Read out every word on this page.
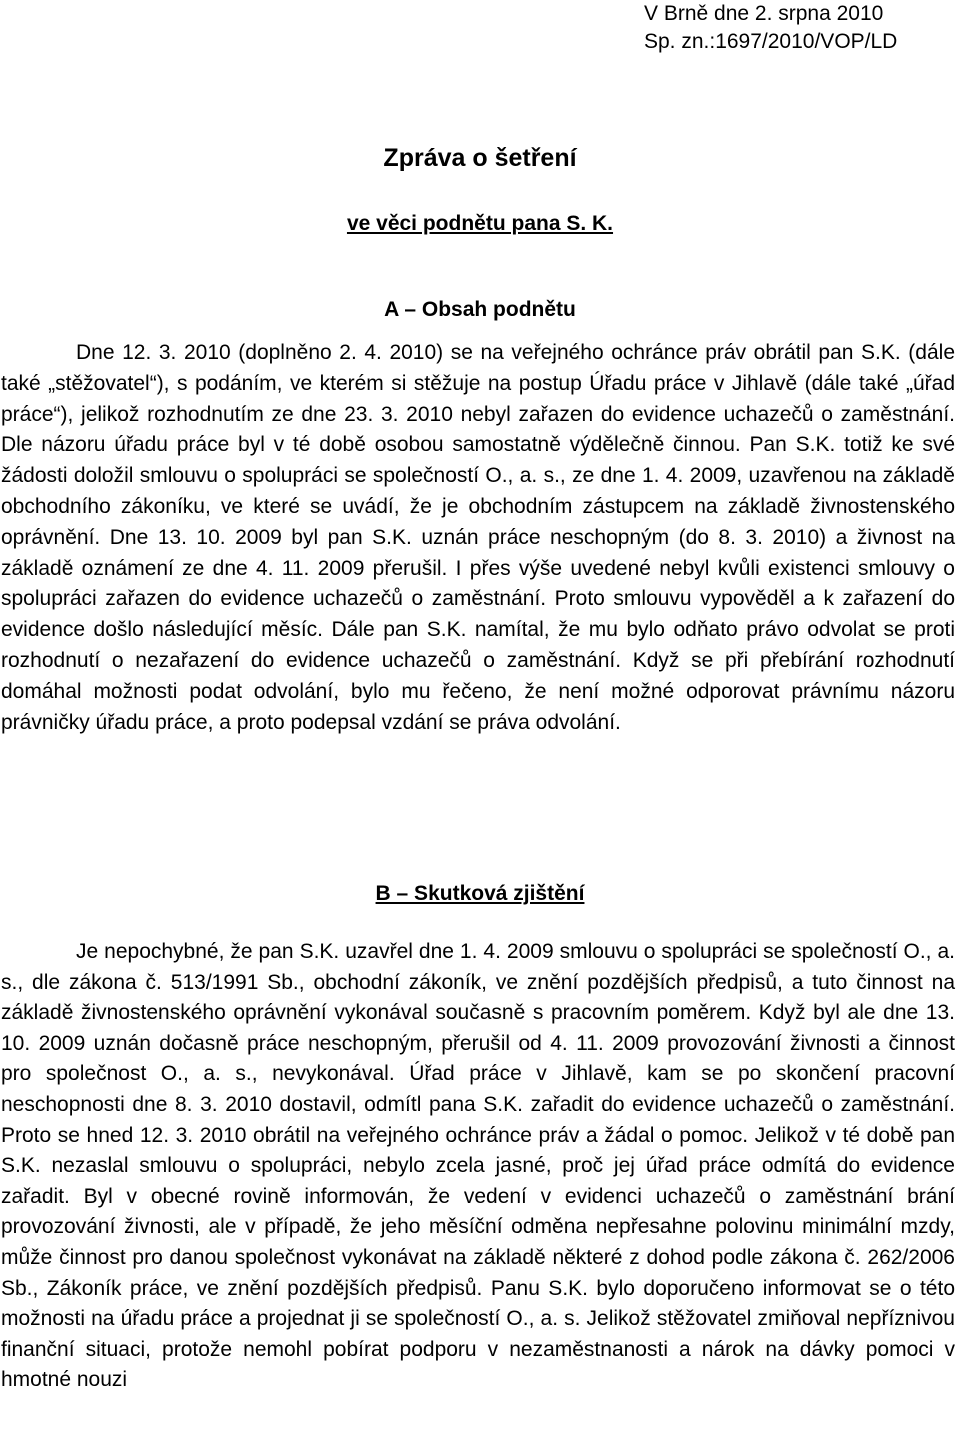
V Brně dne 2. srpna 2010
Sp. zn.:1697/2010/VOP/LD
Zpráva o šetření
ve věci podnětu pana S. K.
A – Obsah podnětu

Dne 12. 3. 2010 (doplněno 2. 4. 2010) se na veřejného ochránce práv obrátil pan S.K. (dále také „stěžovatel“), s podáním, ve kterém si stěžuje na postup Úřadu práce v Jihlavě (dále také „úřad práce“), jelikož rozhodnutím ze dne 23. 3. 2010 nebyl zařazen do evidence uchazečů o zaměstnání. Dle názoru úřadu práce byl v té době osobou samostatně výdělečně činnou. Pan S.K. totiž ke své žádosti doložil smlouvu o spolupráci se společností O., a. s., ze dne 1. 4. 2009, uzavřenou na základě obchodního zákoníku, ve které se uvádí, že je obchodním zástupcem na základě živnostenského oprávnění. Dne 13. 10. 2009 byl pan S.K. uznán práce neschopným (do 8. 3. 2010) a živnost na základě oznámení ze dne 4. 11. 2009 přerušil. I přes výše uvedené nebyl kvůli existenci smlouvy o spolupráci zařazen do evidence uchazečů o zaměstnání. Proto smlouvu vypověděl a k zařazení do evidence došlo následující měsíc. Dále pan S.K. namítal, že mu bylo odňato právo odvolat se proti rozhodnutí o nezařazení do evidence uchazečů o zaměstnání. Když se při přebírání rozhodnutí domáhal možnosti podat odvolání, bylo mu řečeno, že není možné odporovat právnímu názoru právničky úřadu práce, a proto podepsal vzdání se práva odvolání.

B – Skutková zjištění

Je nepochybné, že pan S.K. uzavřel dne 1. 4. 2009 smlouvu o spolupráci se společností O., a. s., dle zákona č. 513/1991 Sb., obchodní zákoník, ve znění pozdějších předpisů, a tuto činnost na základě živnostenského oprávnění vykonával současně s pracovním poměrem. Když byl ale dne 13. 10. 2009 uznán dočasně práce neschopným, přerušil od 4. 11. 2009 provozování živnosti a činnost pro společnost O., a. s., nevykonával. Úřad práce v Jihlavě, kam se po skončení pracovní neschopnosti dne 8. 3. 2010 dostavil, odmítl pana S.K. zařadit do evidence uchazečů o zaměstnání. Proto se hned 12. 3. 2010 obrátil na veřejného ochránce práv a žádal o pomoc. Jelikož v té době pan S.K. nezaslal smlouvu o spolupráci, nebylo zcela jasné, proč jej úřad práce odmítá do evidence zařadit. Byl v obecné rovině informován, že vedení v evidenci uchazečů o zaměstnání brání provozování živnosti, ale v případě, že jeho měsíční odměna nepřesahne polovinu minimální mzdy, může činnost pro danou společnost vykonávat na základě některé z dohod podle zákona č. 262/2006 Sb., Zákoník práce, ve znění pozdějších předpisů. Panu S.K. bylo doporučeno informovat se o této možnosti na úřadu práce a projednat ji se společností O., a. s. Jelikož stěžovatel zmiňoval nepříznivou finanční situaci, protože nemohl pobírat podporu v nezaměstnanosti a nárok na dávky pomoci v hmotné nouzi
